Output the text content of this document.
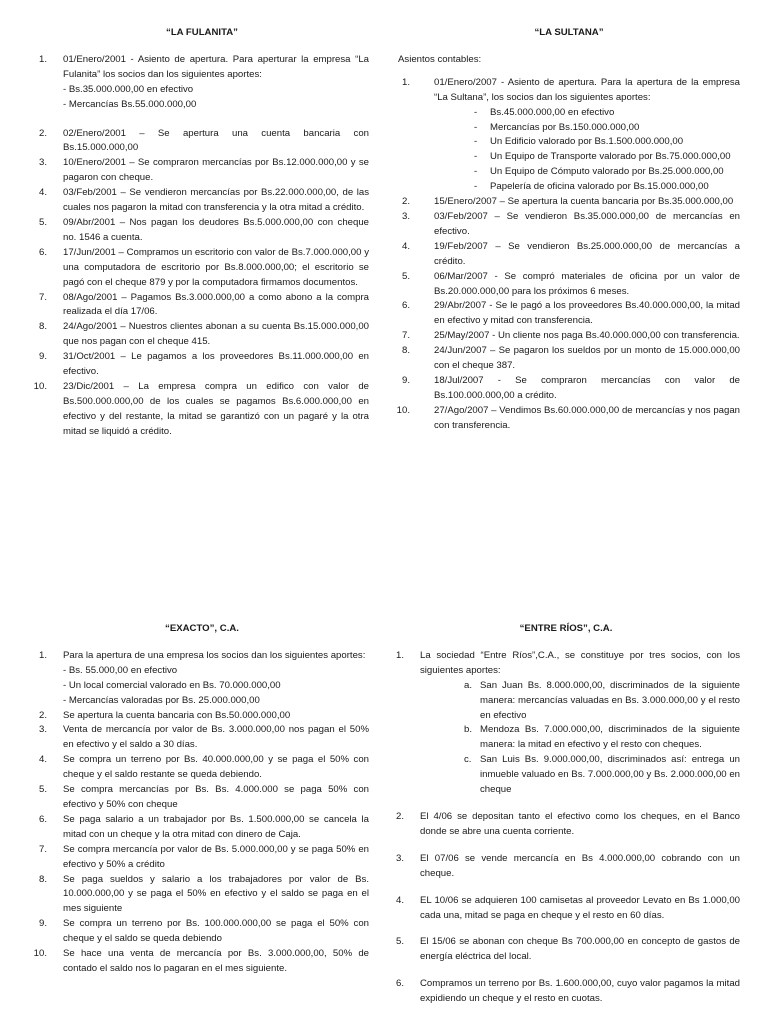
“LA FULANITA”
1. 01/Enero/2001 - Asiento de apertura. Para aperturar la empresa “La Fulanita” los socios dan los siguientes aportes:
- Bs.35.000.000,00 en efectivo
- Mercancías Bs.55.000.000,00
2. 02/Enero/2001 – Se apertura una cuenta bancaria con Bs.15.000.000,00
3. 10/Enero/2001 – Se compraron mercancías por Bs.12.000.000,00 y se pagaron con cheque.
4. 03/Feb/2001 – Se vendieron mercancías por Bs.22.000.000,00, de las cuales nos pagaron la mitad con transferencia y la otra mitad a crédito.
5. 09/Abr/2001 – Nos pagan los deudores Bs.5.000.000,00 con cheque no. 1546 a cuenta.
6. 17/Jun/2001 – Compramos un escritorio con valor de Bs.7.000.000,00 y una computadora de escritorio por Bs.8.000.000,00; el escritorio se pagó con el cheque 879 y por la computadora firmamos documentos.
7. 08/Ago/2001 – Pagamos Bs.3.000.000,00 a como abono a la compra realizada el día 17/06.
8. 24/Ago/2001 – Nuestros clientes abonan a su cuenta Bs.15.000.000,00 que nos pagan con el cheque 415.
9. 31/Oct/2001 – Le pagamos a los proveedores Bs.11.000.000,00 en efectivo.
10. 23/Dic/2001 – La empresa compra un edifico con valor de Bs.500.000.000,00 de los cuales se pagamos Bs.6.000.000,00 en efectivo y del restante, la mitad se garantizó con un pagaré y la otra mitad se liquidó a crédito.
“LA SULTANA”
Asientos contables:
1.	01/Enero/2007 - Asiento de apertura. Para la apertura de la empresa “La Sultana”, los socios dan los siguientes aportes:
- Bs.45.000.000,00 en efectivo
- Mercancías por Bs.150.000.000,00
- Un Edificio valorado por Bs.1.500.000.000,00
- Un Equipo de Transporte valorado por Bs.75.000.000,00
- Un Equipo de Cómputo valorado por Bs.25.000.000,00
- Papelería de oficina valorado por Bs.15.000.000,00
2.	15/Enero/2007 – Se apertura la cuenta bancaria por Bs.35.000.000,00
3.	03/Feb/2007 – Se vendieron Bs.35.000.000,00 de mercancías en efectivo.
4.	19/Feb/2007 – Se vendieron Bs.25.000.000,00 de mercancías a crédito.
5.	06/Mar/2007 - Se compró materiales de oficina por un valor de Bs.20.000.000,00 para los próximos 6 meses.
6.	29/Abr/2007 - Se le pagó a los proveedores Bs.40.000.000,00, la mitad en efectivo y mitad con transferencia.
7.	25/May/2007 - Un cliente nos paga Bs.40.000.000,00 con transferencia.
8.	24/Jun/2007 – Se pagaron los sueldos por un monto de 15.000.000,00 con el cheque 387.
9.	18/Jul/2007 - Se compraron mercancías con valor de Bs.100.000.000,00 a crédito.
10.	27/Ago/2007 – Vendimos Bs.60.000.000,00 de mercancías y nos pagan con transferencia.
“EXACTO”, C.A.
1. Para la apertura de una empresa los socios dan los siguientes aportes:
- Bs. 55.000,00 en efectivo
- Un local comercial valorado en Bs. 70.000.000,00
- Mercancías valoradas por Bs. 25.000.000,00
2. Se apertura la cuenta bancaria con Bs.50.000.000,00
3. Venta de mercancía por valor de Bs. 3.000.000,00 nos pagan el 50% en efectivo y el saldo a 30 días.
4. Se compra un terreno por Bs. 40.000.000,00 y se paga el 50% con cheque y el saldo restante se queda debiendo.
5. Se compra mercancías por Bs. Bs. 4.000.000 se paga 50% con efectivo y 50% con cheque
6. Se paga salario a un trabajador por Bs. 1.500.000,00 se cancela la mitad con un cheque y la otra mitad con dinero de Caja.
7. Se compra mercancía por valor de Bs. 5.000.000,00 y se paga 50% en efectivo y 50% a crédito
8. Se paga sueldos y salario a los trabajadores por valor de Bs. 10.000.000,00 y se paga el 50% en efectivo y el saldo se paga en el mes siguiente
9. Se compra un terreno por Bs. 100.000.000,00 se paga el 50% con cheque y el saldo se queda debiendo
10. Se hace una venta de mercancía por Bs. 3.000.000,00, 50% de contado el saldo nos lo pagaran en el mes siguiente.
“ENTRE RÍOS”, C.A.
1. La sociedad “Entre Ríos”,C.A., se constituye por tres socios, con los siguientes aportes:
a. San Juan Bs. 8.000.000,00, discriminados de la siguiente manera: mercancías valuadas en Bs. 3.000.000,00 y el resto en efectivo
b. Mendoza Bs. 7.000.000,00, discriminados de la siguiente manera: la mitad en efectivo y el resto con cheques.
c. San Luis Bs. 9.000.000,00, discriminados así: entrega un inmueble valuado en Bs. 7.000.000,00 y Bs. 2.000.000,00 en cheque
2. El 4/06 se depositan tanto el efectivo como los cheques, en el Banco donde se abre una cuenta corriente.
3. El 07/06 se vende mercancía en Bs 4.000.000,00 cobrando con un cheque.
4. EL 10/06 se adquieren 100 camisetas al proveedor Levato en Bs 1.000,00 cada una, mitad se paga en cheque y el resto en 60 días.
5. El 15/06 se abonan con cheque Bs 700.000,00 en concepto de gastos de energía eléctrica del local.
6. Compramos un terreno por Bs. 1.600.000,00, cuyo valor pagamos la mitad expidiendo un cheque y el resto en cuotas.
